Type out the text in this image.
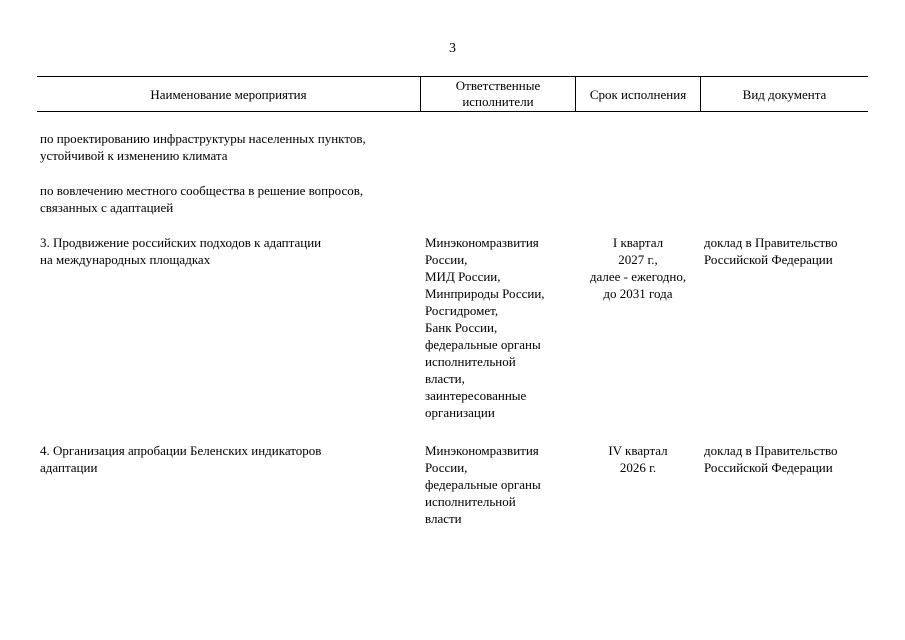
3
Наименование мероприятия
Ответственные
исполнители	Срок исполнения	Вид документа
по проектированию инфраструктуры населенных пунктов,
устойчивой к изменению климата
по вовлечению местного сообщества в решение вопросов,
связанных с адаптацией
3. Продвижение российских подходов к адаптации
на международных площадках
Минэкономразвития
России,
МИД России,
Минприроды России,
Росгидромет,
Банк России,
федеральные органы
исполнительной
власти,
заинтересованные
организации
I квартал
2027 г.,
далее - ежегодно,
до 2031 года
доклад в Правительство
Российской Федерации
4. Организация апробации Беленских индикаторов
адаптации
Минэкономразвития
России,
федеральные органы
исполнительной
власти
IV квартал
2026 г.
доклад в Правительство
Российской Федерации
